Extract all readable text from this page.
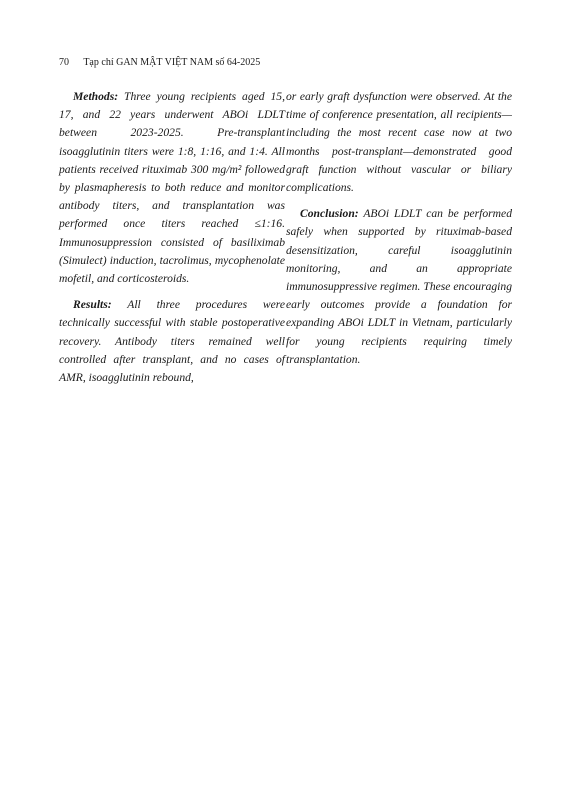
70 Tạp chí GAN MẬT VIỆT NAM số 64-2025

Methods: Three young recipients aged 15, 17, and 22 years underwent ABOi LDLT between 2023-2025. Pre-transplant isoagglutinin titers were 1:8, 1:16, and 1:4. All patients received rituximab 300 mg/m² followed by plasmapheresis to both reduce and monitor antibody titers, and transplantation was performed once titers reached ≤1:16. Immunosuppression consisted of basiliximab (Simulect) induction, tacrolimus, mycophenolate mofetil, and corticosteroids.

Results: All three procedures were technically successful with stable postoperative recovery. Antibody titers remained well controlled after transplant, and no cases of AMR, isoagglutinin rebound,

or early graft dysfunction were observed. At the time of conference presentation, all recipients—including the most recent case now at two months post-transplant—demonstrated good graft function without vascular or biliary complications.

Conclusion: ABOi LDLT can be performed safely when supported by rituximab-based desensitization, careful isoagglutinin monitoring, and an appropriate immunosuppressive regimen. These encouraging early outcomes provide a foundation for expanding ABOi LDLT in Vietnam, particularly for young recipients requiring timely transplantation.
